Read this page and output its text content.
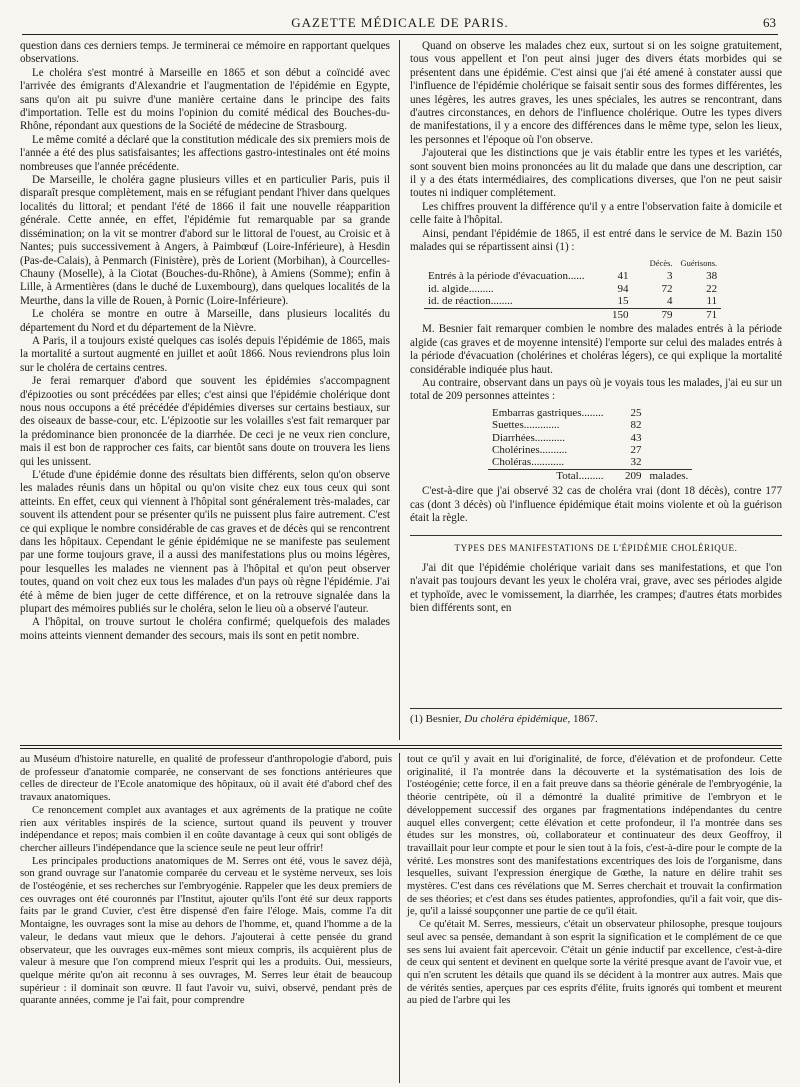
GAZETTE MÉDICALE DE PARIS.	63

question dans ces derniers temps. Je terminerai ce mémoire en rapportant quelques observations.

Le choléra s'est montré à Marseille en 1865 et son début a coïncidé avec l'arrivée des émigrants d'Alexandrie et l'augmentation de l'épidémie en Egypte, sans qu'on ait pu suivre d'une manière certaine dans le principe des faits d'importation. Telle est du moins l'opinion du comité médical des Bouches-du-Rhône, répondant aux questions de la Société de médecine de Strasbourg.

Le même comité a déclaré que la constitution médicale des six premiers mois de l'année a été des plus satisfaisantes; les affections gastro-intestinales ont été moins nombreuses que l'année précédente.

De Marseille, le choléra gagne plusieurs villes et en particulier Paris, puis il disparaît presque complètement, mais en se réfugiant pendant l'hiver dans quelques localités du littoral; et pendant l'été de 1866 il fait une nouvelle réapparition générale. Cette année, en effet, l'épidémie fut remarquable par sa grande dissémination; on la vit se montrer d'abord sur le littoral de l'ouest, au Croisic et à Nantes; puis successivement à Angers, à Paimbœuf (Loire-Inférieure), à Hesdin (Pas-de-Calais), à Penmarch (Finistère), près de Lorient (Morbihan), à Courcelles-Chauny (Moselle), à la Ciotat (Bouches-du-Rhône), à Amiens (Somme); enfin à Lille, à Armentières (dans le duché de Luxembourg), dans quelques localités de la Meurthe, dans la ville de Rouen, à Pornic (Loire-Inférieure).

Le choléra se montre en outre à Marseille, dans plusieurs localités du département du Nord et du département de la Nièvre.

A Paris, il a toujours existé quelques cas isolés depuis l'épidémie de 1865, mais la mortalité a surtout augmenté en juillet et août 1866. Nous reviendrons plus loin sur le choléra de certains centres.

Je ferai remarquer d'abord que souvent les épidémies s'accompagnent d'épizooties ou sont précédées par elles; c'est ainsi que l'épidémie cholérique dont nous nous occupons a été précédée d'épidémies diverses sur certains bestiaux, sur des oiseaux de basse-cour, etc. L'épizootie sur les volailles s'est fait remarquer par la prédominance bien prononcée de la diarrhée. De ceci je ne veux rien conclure, mais il est bon de rapprocher ces faits, car bientôt sans doute on trouvera les liens qui les unissent.

L'étude d'une épidémie donne des résultats bien différents, selon qu'on observe les malades réunis dans un hôpital ou qu'on visite chez eux tous ceux qui sont atteints. En effet, ceux qui viennent à l'hôpital sont généralement très-malades, car souvent ils attendent pour se présenter qu'ils ne puissent plus faire autrement. C'est ce qui explique le nombre considérable de cas graves et de décès qui se rencontrent dans les hôpitaux. Cependant le génie épidémique ne se manifeste pas seulement par une forme toujours grave, il a aussi des manifestations plus ou moins légères, pour lesquelles les malades ne viennent pas à l'hôpital et qu'on peut observer toutes, quand on voit chez eux tous les malades d'un pays où règne l'épidémie. J'ai été à même de bien juger de cette différence, et on la retrouve signalée dans la plupart des mémoires publiés sur le choléra, selon le lieu où a observé l'auteur.

A l'hôpital, on trouve surtout le choléra confirmé; quelquefois des malades moins atteints viennent demander des secours, mais ils sont en petit nombre.

Quand on observe les malades chez eux, surtout si on les soigne gratuitement, tous vous appellent et l'on peut ainsi juger des divers états morbides qui se présentent dans une épidémie. C'est ainsi que j'ai été amené à constater aussi que l'influence de l'épidémie cholérique se faisait sentir sous des formes différentes, les unes légères, les autres graves, les unes spéciales, les autres se rencontrant, dans d'autres circonstances, en dehors de l'influence cholérique. Outre les types divers de manifestations, il y a encore des différences dans le même type, selon les lieux, les personnes et l'époque où l'on observe.

J'ajouterai que les distinctions que je vais établir entre les types et les variétés, sont souvent bien moins prononcées au lit du malade que dans une description, car il y a des états intermédiaires, des complications diverses, que l'on ne peut saisir toutes ni indiquer complétement.

Les chiffres prouvent la différence qu'il y a entre l'observation faite à domicile et celle faite à l'hôpital.

Ainsi, pendant l'épidémie de 1865, il est entré dans le service de M. Bazin 150 malades qui se répartissent ainsi (1) :

		Décès.	Guérisons.
Entrés à la période d'évacuation......	41	3	38
id. algide.........	94	72	22
id. de réaction........	15	4	11
	150	79	71

M. Besnier fait remarquer combien le nombre des malades entrés à la période algide (cas graves et de moyenne intensité) l'emporte sur celui des malades entrés à la période d'évacuation (cholérines et choléras légers), ce qui explique la mortalité considérable indiquée plus haut.

Au contraire, observant dans un pays où je voyais tous les malades, j'ai eu sur un total de 209 personnes atteintes :

Embarras gastriques........	25	
Suettes.............	82	
Diarrhées...........	43	
Cholérines..........	27	
Choléras............	32	
Total.........	209	malades.

C'est-à-dire que j'ai observé 32 cas de choléra vrai (dont 18 décès), contre 177 cas (dont 3 décès) où l'influence épidémique était moins violente et où la guérison était la règle.

TYPES DES MANIFESTATIONS DE L'ÉPIDÉMIE CHOLÉRIQUE.

J'ai dit que l'épidémie cholérique variait dans ses manifestations, et que l'on n'avait pas toujours devant les yeux le choléra vrai, grave, avec ses périodes algide et typhoïde, avec le vomissement, la diarrhée, les crampes; d'autres états morbides bien différents sont, en

(1) Besnier, Du choléra épidémique, 1867.

au Muséum d'histoire naturelle, en qualité de professeur d'anthropologie d'abord, puis de professeur d'anatomie comparée, ne conservant de ses fonctions antérieures que celles de directeur de l'Ecole anatomique des hôpitaux, où il avait été d'abord chef des travaux anatomiques.

Ce renoncement complet aux avantages et aux agréments de la pratique ne coûte rien aux véritables inspirés de la science, surtout quand ils peuvent y trouver indépendance et repos; mais combien il en coûte davantage à ceux qui sont obligés de chercher ailleurs l'indépendance que la science seule ne peut leur offrir!

Les principales productions anatomiques de M. Serres ont été, vous le savez déjà, son grand ouvrage sur l'anatomie comparée du cerveau et le système nerveux, ses lois de l'ostéogénie, et ses recherches sur l'embryogénie. Rappeler que les deux premiers de ces ouvrages ont été couronnés par l'Institut, ajouter qu'ils l'ont été sur deux rapports faits par le grand Cuvier, c'est être dispensé d'en faire l'éloge. Mais, comme l'a dit Montaigne, les ouvrages sont la mise au dehors de l'homme, et, quand l'homme a de la valeur, le dedans vaut mieux que le dehors. J'ajouterai à cette pensée du grand observateur, que les ouvrages eux-mêmes sont mieux compris, ils acquièrent plus de valeur à mesure que l'on comprend mieux l'esprit qui les a produits. Oui, messieurs, quelque mérite qu'on ait reconnu à ses ouvrages, M. Serres leur était de beaucoup supérieur : il dominait son œuvre. Il faut l'avoir vu, suivi, observé, pendant près de quarante années, comme je l'ai fait, pour comprendre

tout ce qu'il y avait en lui d'originalité, de force, d'élévation et de profondeur. Cette originalité, il l'a montrée dans la découverte et la systématisation des lois de l'ostéogénie; cette force, il en a fait preuve dans sa théorie générale de l'embryogénie, la théorie centripète, où il a démontré la dualité primitive de l'embryon et le développement successif des organes par fragmentations indépendantes du centre auquel elles convergent; cette élévation et cette profondeur, il l'a montrée dans ses études sur les monstres, où, collaborateur et continuateur des deux Geoffroy, il travaillait pour leur compte et pour le sien tout à la fois, c'est-à-dire pour le compte de la vérité. Les monstres sont des manifestations excentriques des lois de l'organisme, dans lesquelles, suivant l'expression énergique de Gœthe, la nature en délire trahit ses mystères. C'est dans ces révélations que M. Serres cherchait et trouvait la confirmation de ses théories; et c'est dans ses études patientes, approfondies, qu'il a fait voir, que dis-je, qu'il a laissé soupçonner une partie de ce qu'il était.

Ce qu'était M. Serres, messieurs, c'était un observateur philosophe, presque toujours seul avec sa pensée, demandant à son esprit la signification et le complément de ce que ses sens lui avaient fait apercevoir. C'était un génie inductif par excellence, c'est-à-dire de ceux qui sentent et devinent en quelque sorte la vérité presque avant de l'avoir vue, et qui n'en scrutent les détails que quand ils se décident à la montrer aux autres. Mais que de vérités senties, aperçues par ces esprits d'élite, fruits ignorés qui tombent et meurent au pied de l'arbre qui les
